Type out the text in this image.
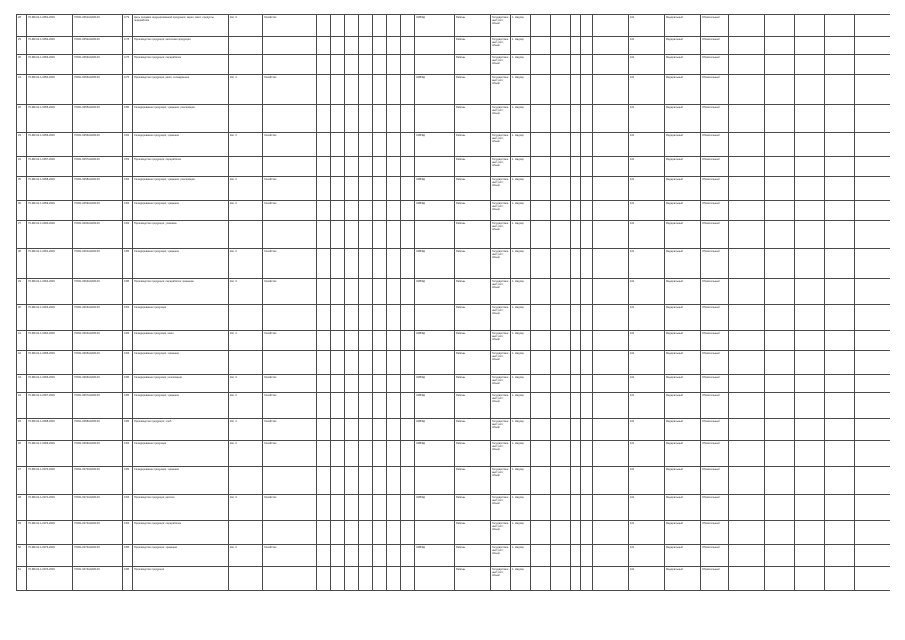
28	70-RR-01-1-0051-2020	70Х01-0051АА009-00	0.79	Цель продажи индуцированной продукции; зерно; мясо; продукты переработки	Кат. 3	Хозяйство								ОКВЭД	Районы	Государственный учёт; объект	1. Надзор						101	Федеральный	Обязательный					
29	70-RR-01-1-0052-2020	70Х01-0052АА009-00	0.78	Производство продукции; молочная продукция											Районы	Государственный учёт; объект	1. Надзор						101	Федеральный	Обязательный					
30	70-RR-01-1-0053-2020	70Х01-0053АА009-00	0.76	Производство продукции; переработка											Районы	Государственный учёт; объект	1. Надзор						101	Федеральный	Обязательный					
31	70-RR-01-1-0054-2020	70Х01-0054АА009-00	0.75	Производство продукции; мясо; охлаждённое	Кат. 3	Хозяйство								ОКВЭД	Районы	Государственный учёт; объект	1. Надзор						101	Федеральный	Обязательный					
32	70-RR-01-1-0055-2020	70Х01-0055АА009-00	0.80	Складирование продукции; хранение; реализация											Районы	Государственный учёт; объект	1. Надзор						101	Федеральный	Обязательный					
33	70-RR-01-1-0056-2020	70Х01-0056АА009-00	0.82	Складирование продукции; хранение	Кат. 3	Хозяйство								ОКВЭД	Районы	Государственный учёт; объект	1. Надзор						101	Федеральный	Обязательный					
34	70-RR-01-1-0057-2020	70Х01-0057АА009-00	0.83	Производство продукции; переработка											Районы	Государственный учёт; объект	1. Надзор						101	Федеральный	Обязательный					
35	70-RR-01-1-0058-2020	70Х01-0058АА009-00	0.82	Складирование продукции; хранение; реализация	Кат. 3	Хозяйство								ОКВЭД	Районы	Государственный учёт; объект	1. Надзор						101	Федеральный	Обязательный					
36	70-RR-01-1-0059-2020	70Х01-0059АА009-00	0.82	Складирование продукции; хранение	Кат. 3	Хозяйство								ОКВЭД	Районы	Государственный учёт; объект	1. Надзор						101	Федеральный	Обязательный					
37	70-RR-01-1-0060-2020	70Х01-0060АА009-00	0.84	Производство продукции; упаковка											Районы	Государственный учёт; объект	1. Надзор						101	Федеральный	Обязательный					
38	70-RR-01-1-0061-2020	70Х01-0061АА009-00	0.85	Складирование продукции; хранение	Кат. 3	Хозяйство								ОКВЭД	Районы	Государственный учёт; объект	1. Надзор						101	Федеральный	Обязательный					
39	70-RR-01-1-0062-2020	70Х01-0062АА009-00	0.86	Производство продукции; переработка; хранение	Кат. 3	Хозяйство								ОКВЭД	Районы	Государственный учёт; объект	1. Надзор						101	Федеральный	Обязательный					
40	70-RR-01-1-0063-2020	70Х01-0063АА009-00	0.81	Складирование продукции											Районы	Государственный учёт; объект	1. Надзор						101	Федеральный	Обязательный					
41	70-RR-01-1-0064-2020	70Х01-0064АА009-00	0.84	Складирование продукции; мясо	Кат. 3	Хозяйство								ОКВЭД	Районы	Государственный учёт; объект	1. Надзор						101	Федеральный	Обязательный					
42	70-RR-01-1-0065-2020	70Х01-0065АА009-00	0.84	Складирование продукции; хранение											Районы	Государственный учёт; объект	1. Надзор						101	Федеральный	Обязательный					
43	70-RR-01-1-0066-2020	70Х01-0066АА009-00	0.86	Складирование продукции; реализация	Кат. 3	Хозяйство								ОКВЭД	Районы	Государственный учёт; объект	1. Надзор						101	Федеральный	Обязательный					
44	70-RR-01-1-0067-2020	70Х01-0067АА009-00	0.85	Складирование продукции; хранение	Кат. 3	Хозяйство								ОКВЭД	Районы	Государственный учёт; объект	1. Надзор						101	Федеральный	Обязательный					
45	70-RR-01-1-0068-2020	70Х01-0068АА009-00	0.86	Производство продукции; хлеб	Кат. 3	Хозяйство								ОКВЭД	Районы	Государственный учёт; объект	1. Надзор						101	Федеральный	Обязательный					
46	70-RR-01-1-0069-2020	70Х01-0069АА009-00	0.84	Складирование продукции	Кат. 3	Хозяйство								ОКВЭД	Районы	Государственный учёт; объект	1. Надзор						101	Федеральный	Обязательный					
47	70-RR-01-1-0070-2020	70Х01-0070АА009-00	0.85	Складирование продукции; хранение											Районы	Государственный учёт; объект	1. Надзор						101	Федеральный	Обязательный					
48	70-RR-01-1-0071-2020	70Х01-0071АА009-00	0.84	Производство продукции; молоко	Кат. 3	Хозяйство								ОКВЭД	Районы	Государственный учёт; объект	1. Надзор						101	Федеральный	Обязательный					
49	70-RR-01-1-0072-2020	70Х01-0072АА009-00	0.84	Производство продукции; переработка											Районы	Государственный учёт; объект	1. Надзор						101	Федеральный	Обязательный					
50	70-RR-01-1-0073-2020	70Х01-0073АА009-00	0.86	Производство продукции; хранение	Кат. 3	Хозяйство								ОКВЭД	Районы	Государственный учёт; объект	1. Надзор						101	Федеральный	Обязательный					
51	70-RR-01-1-0074-2020	70Х01-0074АА009-00	0.86	Производство продукции											Районы	Государственный учёт; объект	1. Надзор						101	Федеральный	Обязательный					
